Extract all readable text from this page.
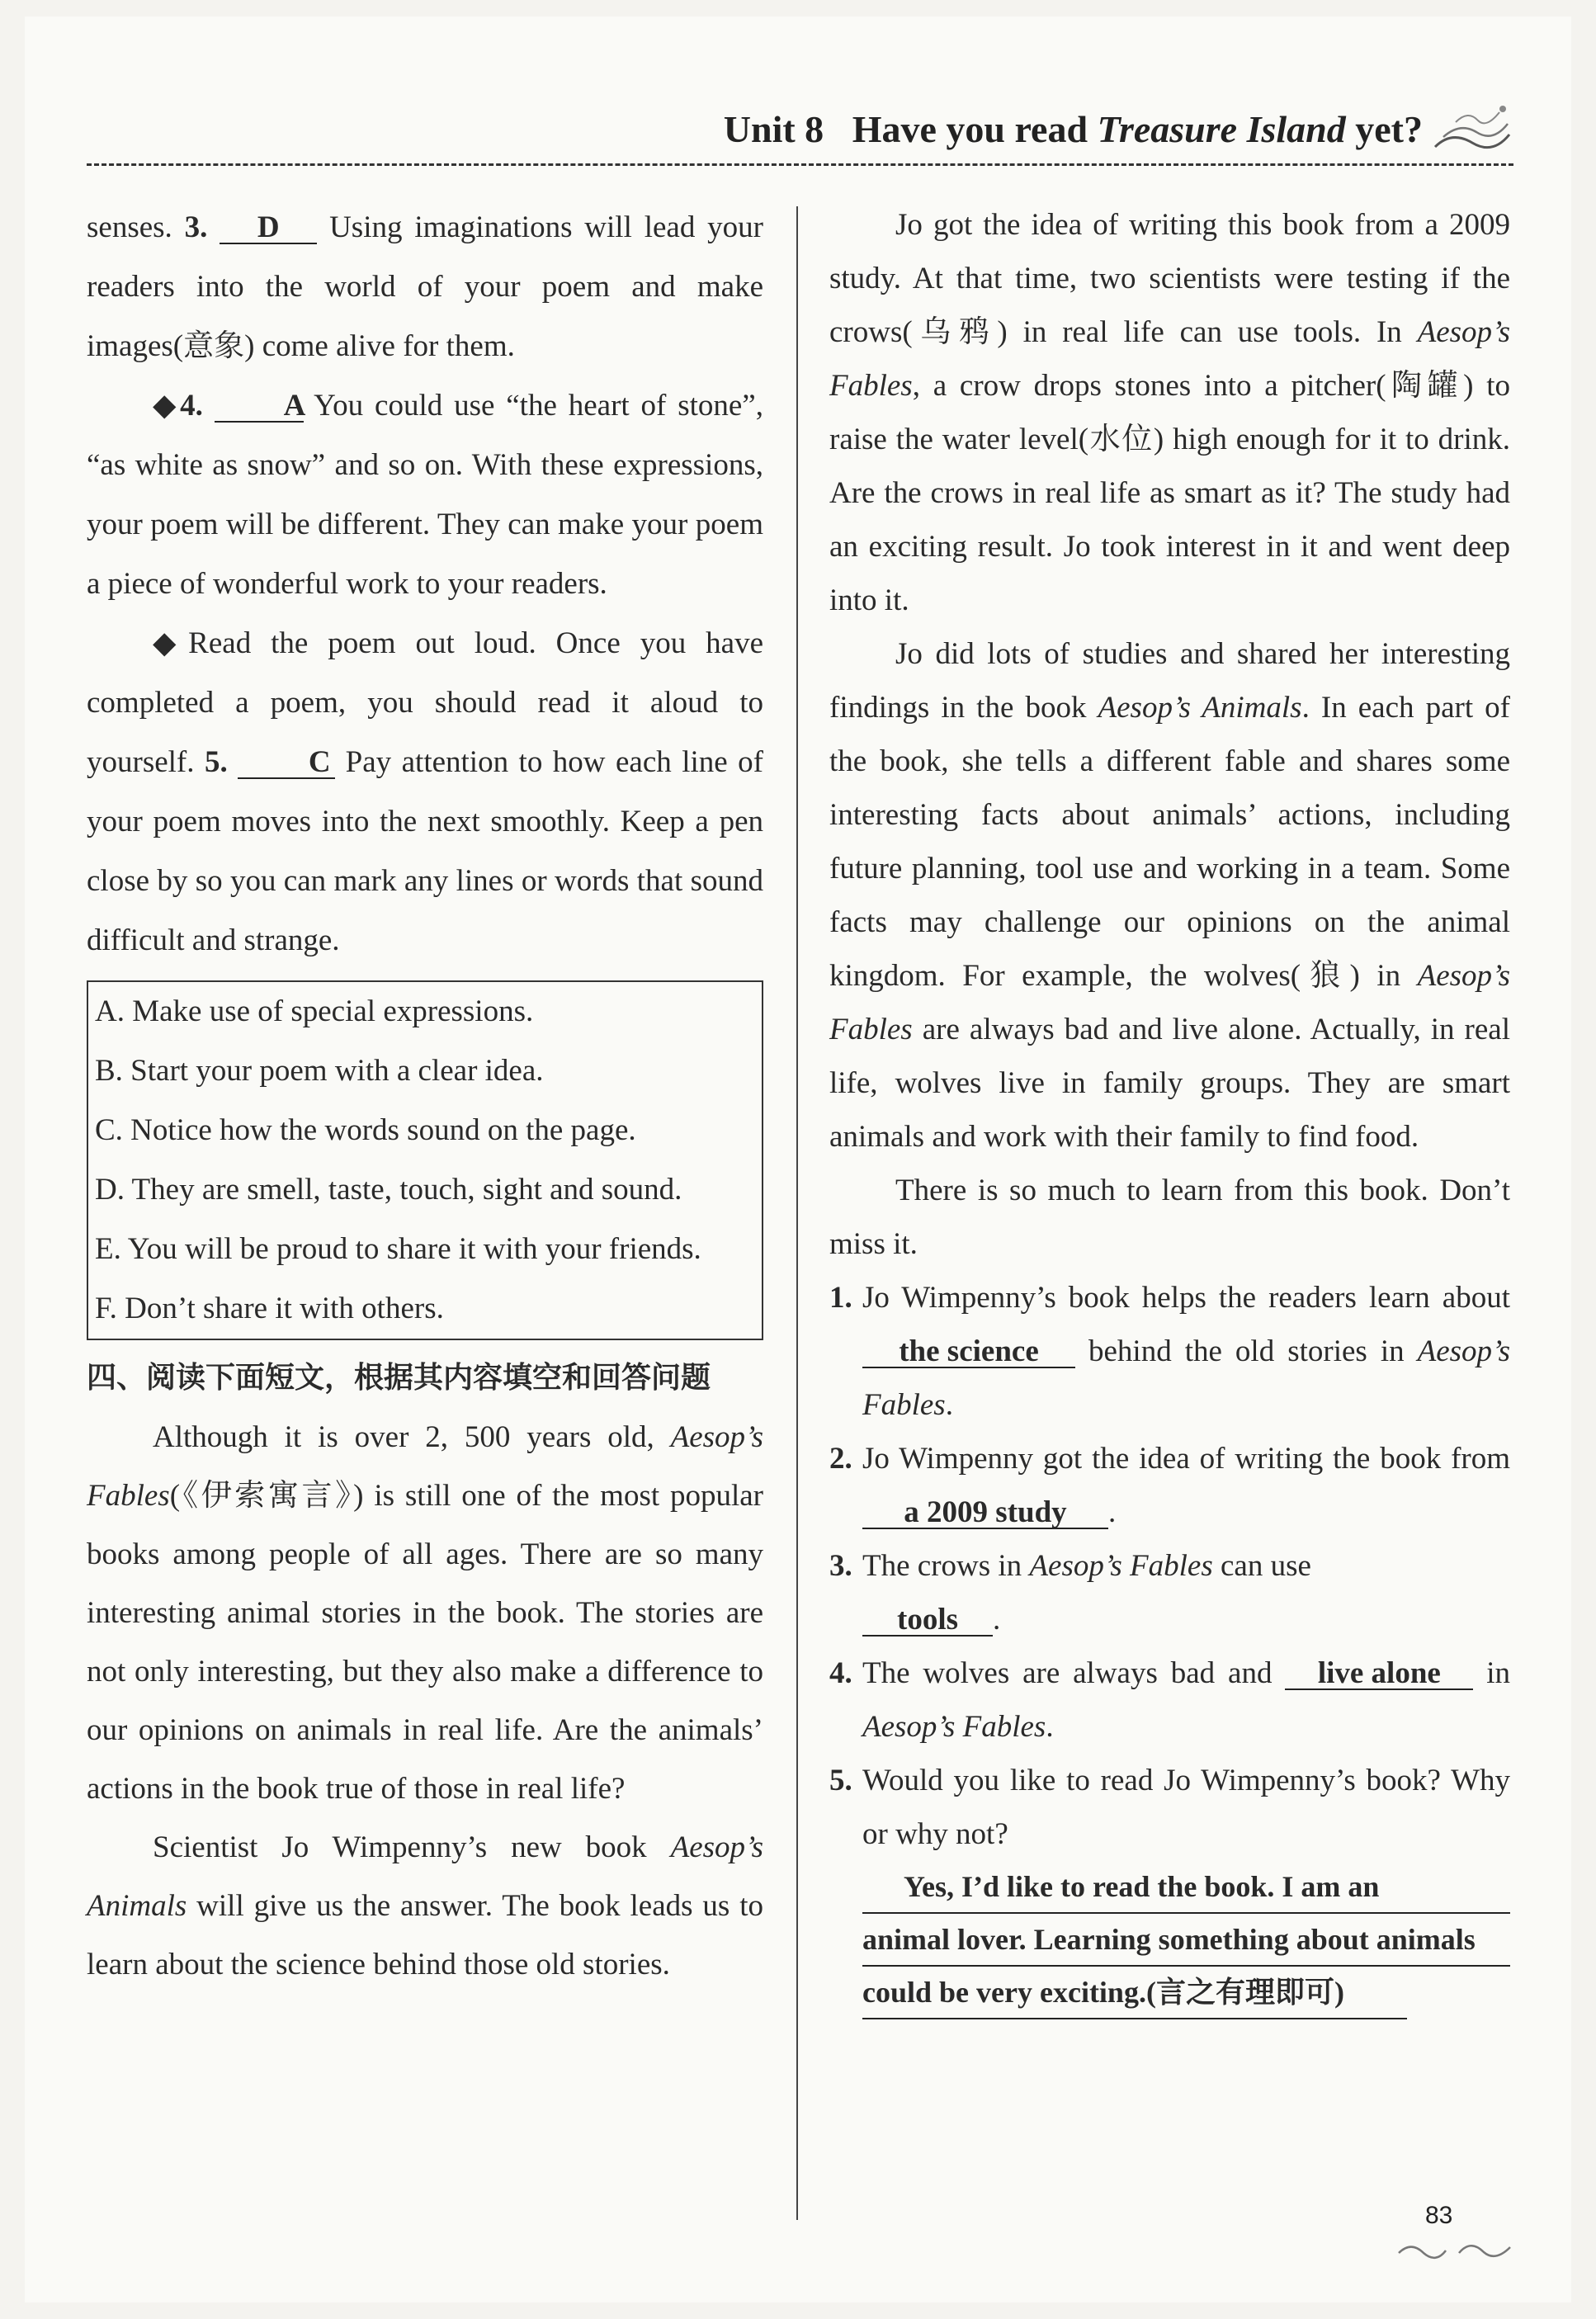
Unit 8 Have you read Treasure Island yet?

senses. 3. D Using imaginations will lead your readers into the world of your poem and make images(意象) come alive for them.

◆4.	A You could use “the heart of stone”, “as white as snow” and so on. With these expressions, your poem will be different. They can make your poem a piece of wonderful work to your readers.

◆Read the poem out loud. Once you have completed a poem, you should read it aloud to yourself. 5.	C Pay attention to how each line of your poem moves into the next smoothly. Keep a pen close by so you can mark any lines or words that sound difficult and strange.

A. Make use of special expressions.
B. Start your poem with a clear idea.
C. Notice how the words sound on the page.
D. They are smell, taste, touch, sight and sound.
E. You will be proud to share it with your friends.
F. Don’t share it with others.
四、阅读下面短文，根据其内容填空和回答问题

Although it is over 2, 500 years old, Aesop’s Fables(《伊索寓言》) is still one of the most popular books among people of all ages. There are so many interesting animal stories in the book. The stories are not only interesting, but they also make a difference to our opinions on animals in real life. Are the animals’ actions in the book true of those in real life?

Scientist Jo Wimpenny’s new book Aesop’s Animals will give us the answer. The book leads us to learn about the science behind those old stories.

Jo got the idea of writing this book from a 2009 study. At that time, two scientists were testing if the crows(乌鸦) in real life can use tools. In Aesop’s Fables, a crow drops stones into a pitcher(陶罐) to raise the water level(水位) high enough for it to drink. Are the crows in real life as smart as it? The study had an exciting result. Jo took interest in it and went deep into it.

Jo did lots of studies and shared her interesting findings in the book Aesop’s Animals. In each part of the book, she tells a different fable and shares some interesting facts about animals’ actions, including future planning, tool use and working in a team. Some facts may challenge our opinions on the animal kingdom. For example, the wolves(狼) in Aesop’s Fables are always bad and live alone. Actually, in real life, wolves live in family groups. They are smart animals and work with their family to find food.

There is so much to learn from this book. Don’t miss it.

1. Jo Wimpenny’s book helps the readers learn about the science behind the old stories in Aesop’s Fables.
2. Jo Wimpenny got the idea of writing the book from a 2009 study .
3. The crows in Aesop’s Fables can use
tools .
4. The wolves are always bad and live alone in Aesop’s Fables.
5. Would you like to read Jo Wimpenny’s book? Why or why not?
Yes, I’d like to read the book. I am an
animal lover. Learning something about animals
could be very exciting.(言之有理即可)
83
